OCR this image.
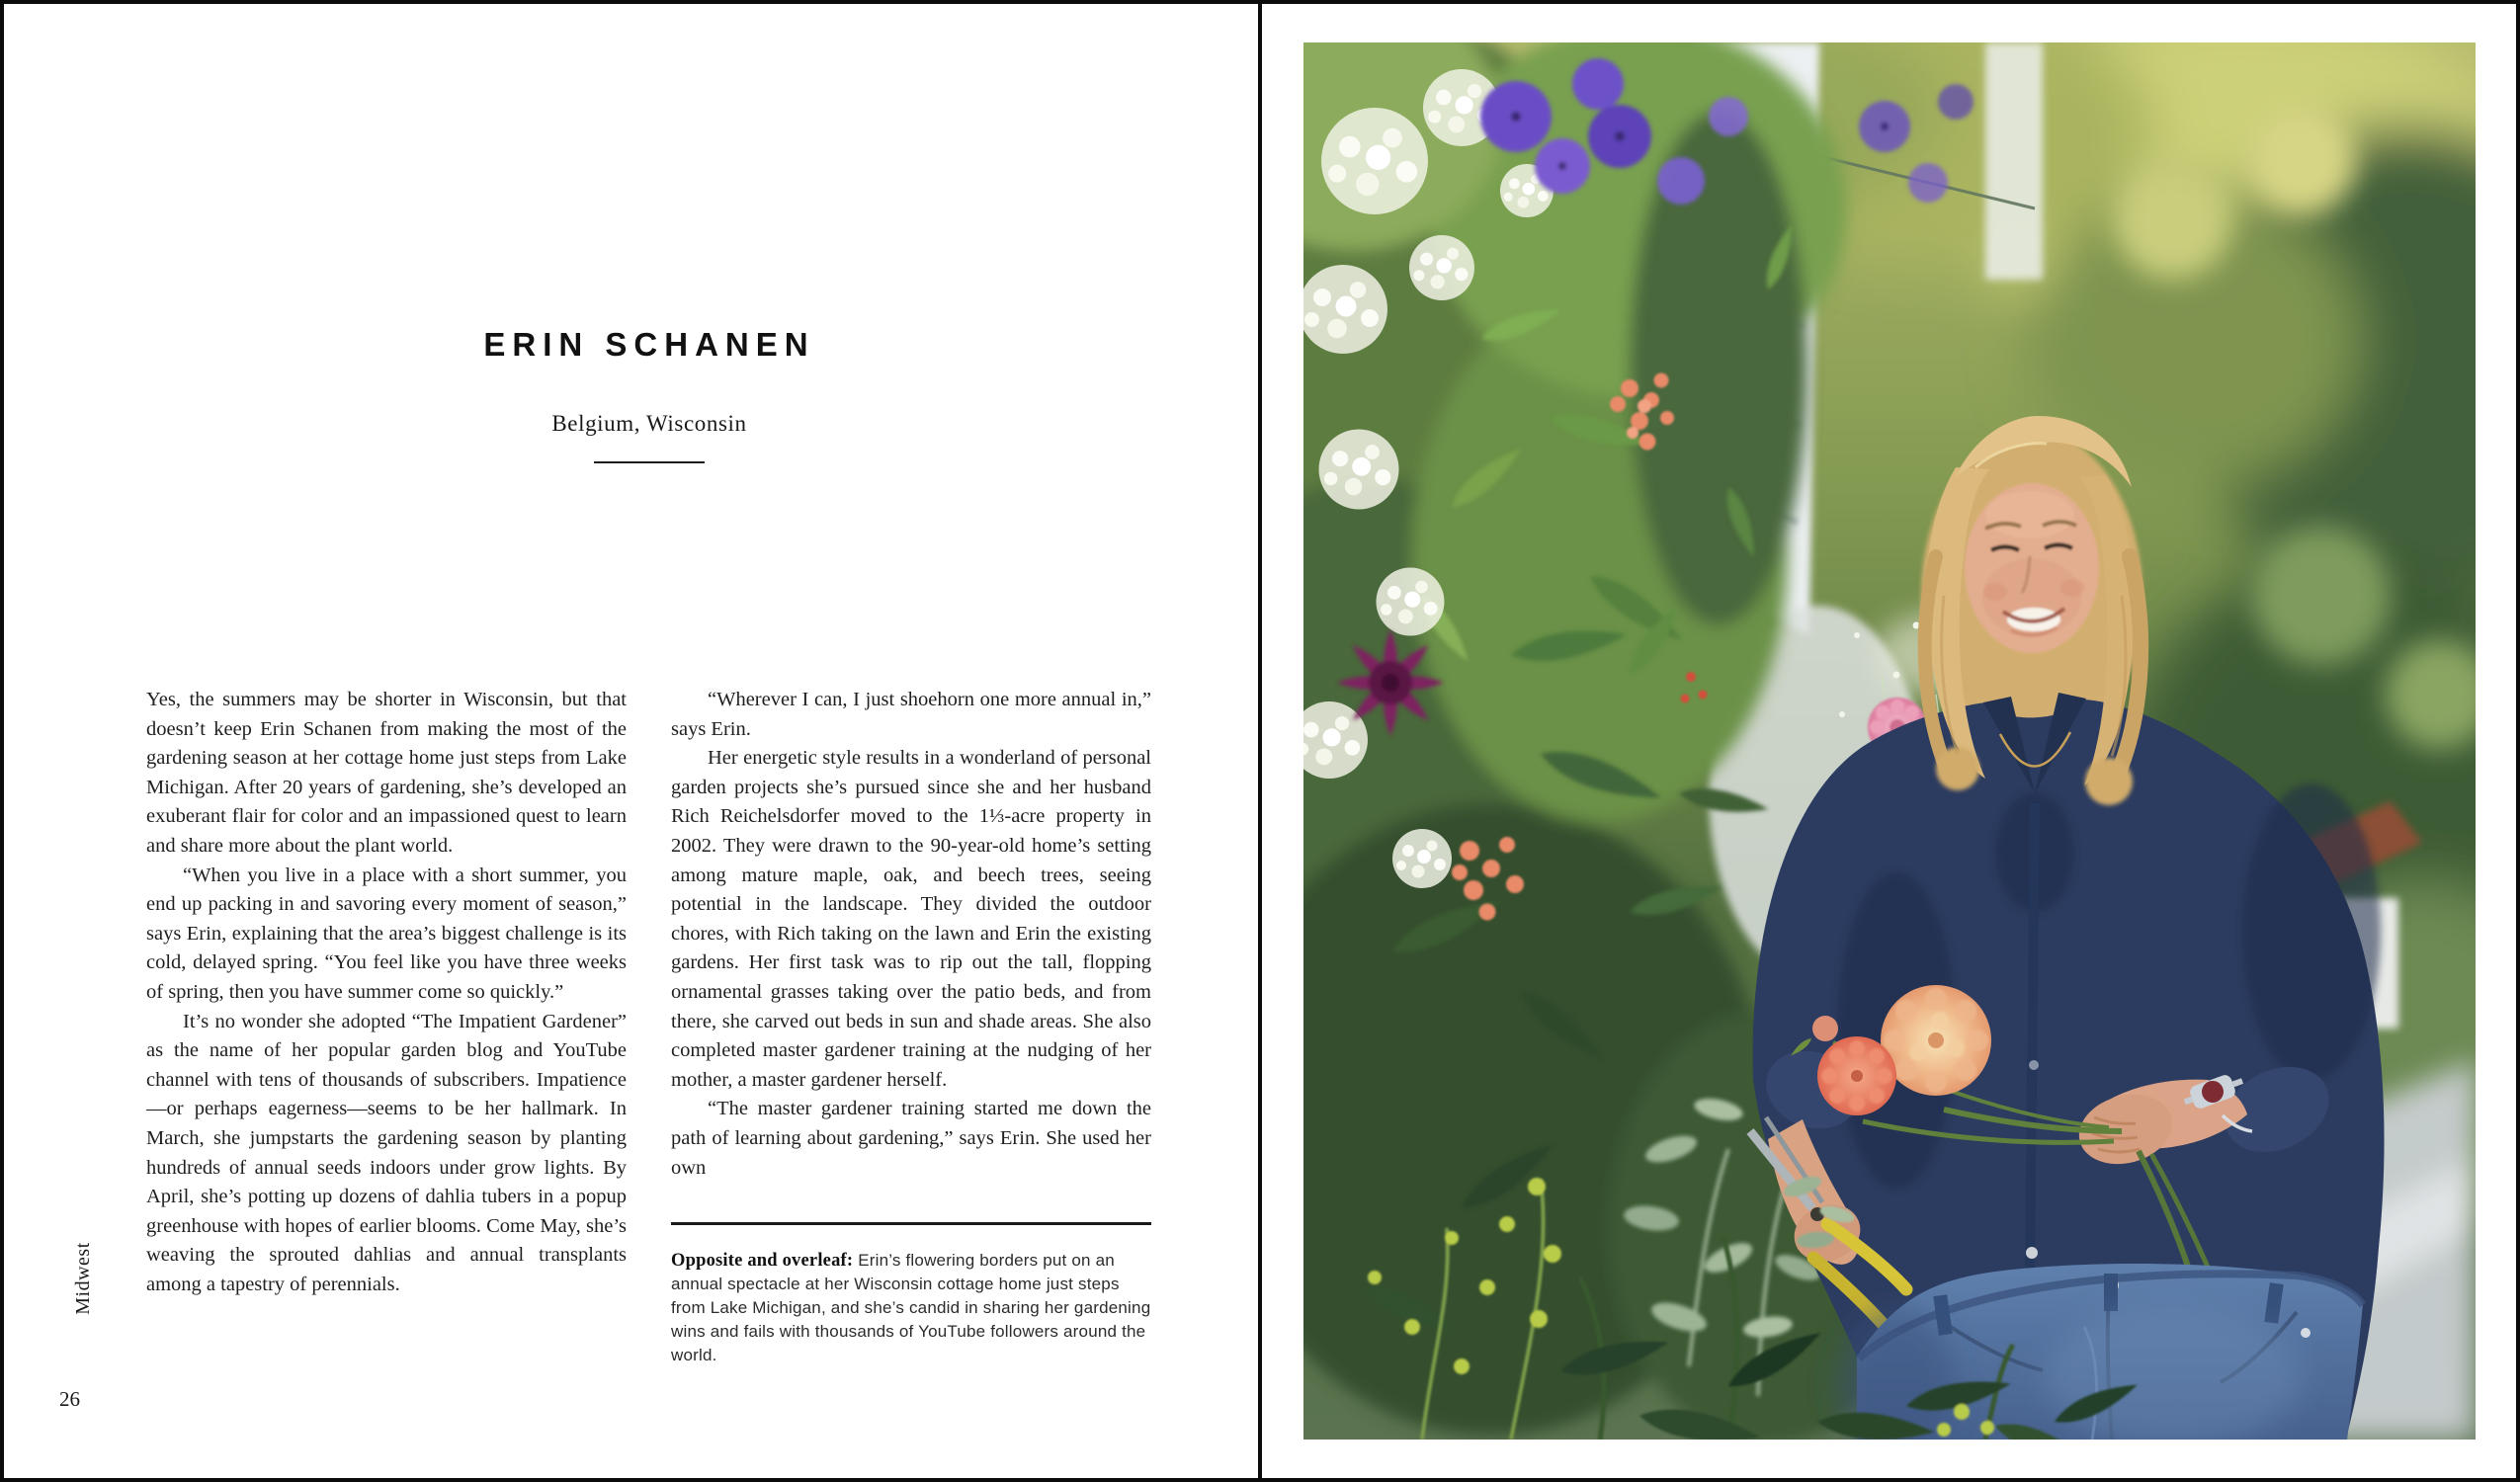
ERIN SCHANEN
Belgium, Wisconsin

Yes, the summers may be shorter in Wisconsin, but that doesn’t keep Erin Schanen from making the most of the gardening season at her cottage home just steps from Lake Michigan. After 20 years of gardening, she’s developed an exuberant flair for color and an impassioned quest to learn and share more about the plant world.

“When you live in a place with a short summer, you end up packing in and savoring every moment of season,” says Erin, explaining that the area’s biggest challenge is its cold, delayed spring. “You feel like you have three weeks of spring, then you have summer come so quickly.”

It’s no wonder she adopted “The Impatient Gardener” as the name of her popular garden blog and YouTube channel with tens of thousands of subscribers. Impatience—or perhaps eagerness—seems to be her hallmark. In March, she jumpstarts the gardening season by planting hundreds of annual seeds indoors under grow lights. By April, she’s potting up dozens of dahlia tubers in a popup greenhouse with hopes of earlier blooms. Come May, she’s weaving the sprouted dahlias and annual transplants among a tapestry of perennials.

“Wherever I can, I just shoehorn one more annual in,” says Erin.

Her energetic style results in a wonderland of personal garden projects she’s pursued since she and her husband Rich Reichelsdorfer moved to the 1⅓-acre property in 2002. They were drawn to the 90-year-old home’s setting among mature maple, oak, and beech trees, seeing potential in the landscape. They divided the outdoor chores, with Rich taking on the lawn and Erin the existing gardens. Her first task was to rip out the tall, flopping ornamental grasses taking over the patio beds, and from there, she carved out beds in sun and shade areas. She also completed master gardener training at the nudging of her mother, a master gardener herself.

“The master gardener training started me down the path of learning about gardening,” says Erin. She used her own

Opposite and overleaf: Erin’s flowering borders put on an annual spectacle at her Wisconsin cottage home just steps from Lake Michigan, and she’s candid in sharing her gardening wins and fails with thousands of YouTube followers around the world.

Midwest
26
